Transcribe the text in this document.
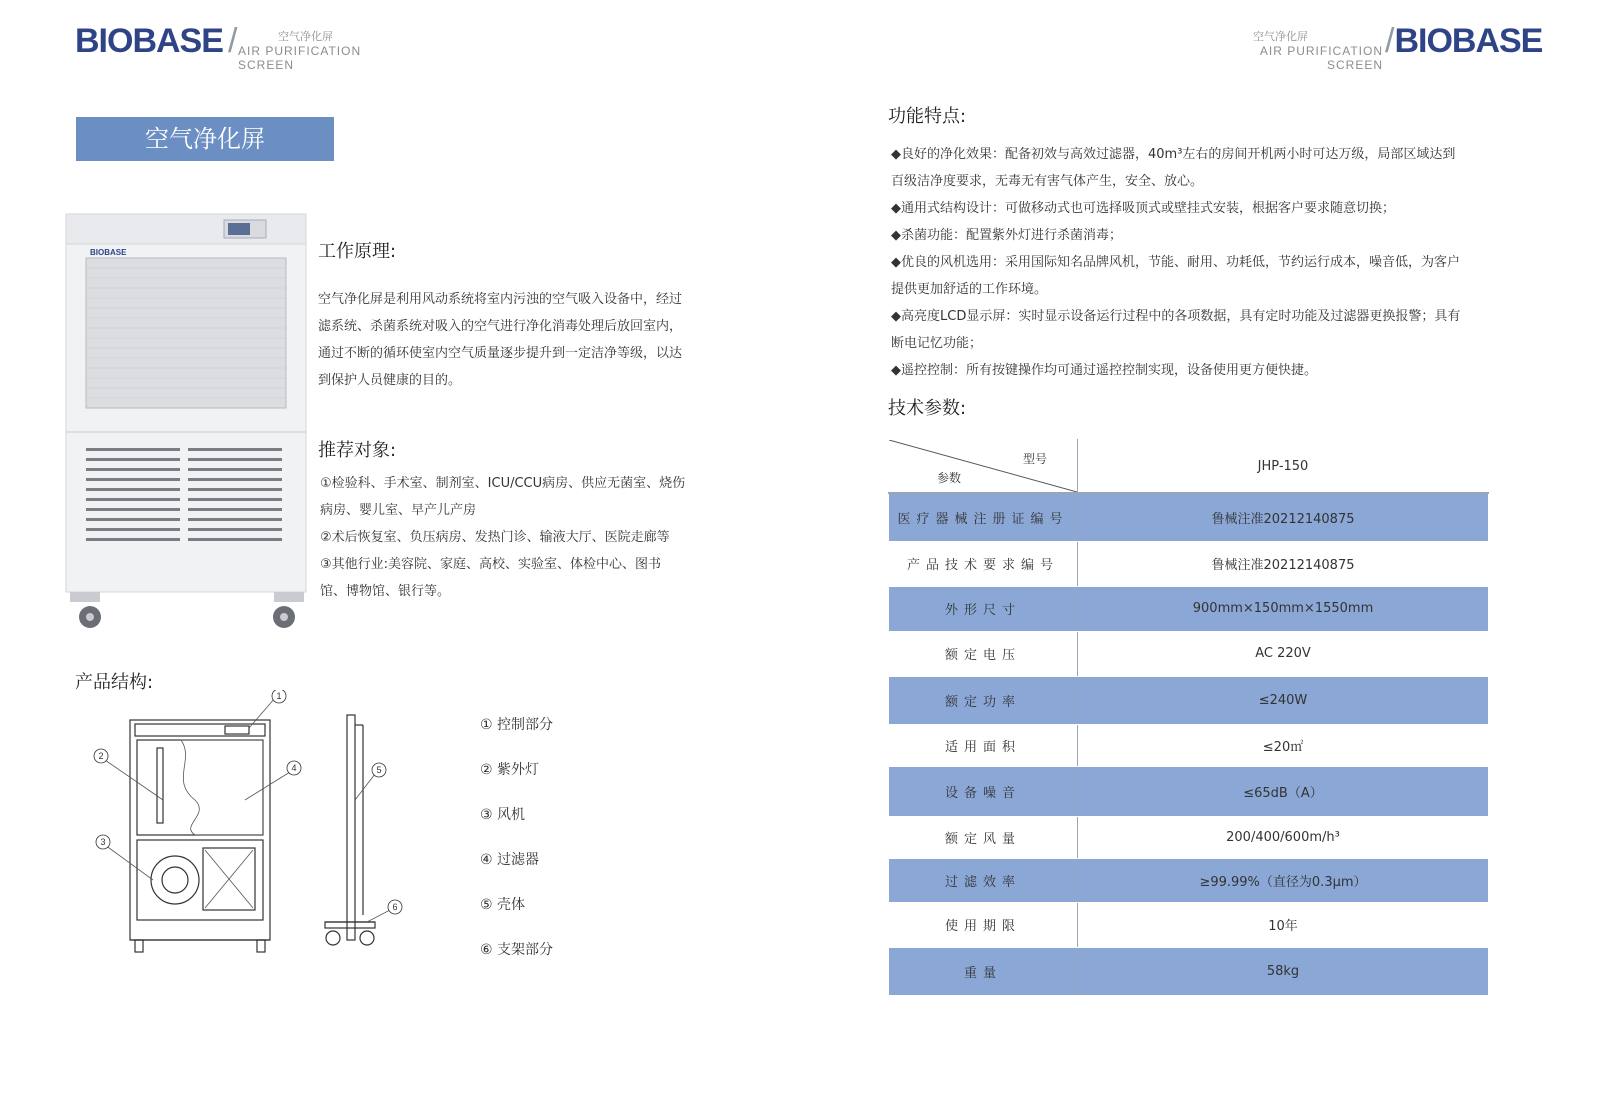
BIOBASE /	空气净化屏
AIR PURIFICATION SCREEN
空气净化屏
AIR PURIFICATION SCREEN
/BIOBASE
空气净化屏
BIOBASE	工作原理:

空气净化屏是利用风动系统将室内污浊的空气吸入设备中，经过

滤系统、杀菌系统对吸入的空气进行净化消毒处理后放回室内，

通过不断的循环使室内空气质量逐步提升到一定洁净等级，以达

到保护人员健康的目的。

推荐对象:

①检验科、手术室、制剂室、ICU/CCU病房、供应无菌室、烧伤

病房、婴儿室、早产儿产房

②术后恢复室、负压病房、发热门诊、输液大厅、医院走廊等

③其他行业:美容院、家庭、高校、实验室、体检中心、图书

馆、博物馆、银行等。

产品结构:
1
2
3
4	5
6
① 控制部分
② 紫外灯
③ 风机
④ 过滤器
⑤ 壳体
⑥ 支架部分
功能特点:

◆良好的净化效果：配备初效与高效过滤器，40m³左右的房间开机两小时可达万级，局部区域达到

百级洁净度要求，无毒无有害气体产生，安全、放心。

◆通用式结构设计：可做移动式也可选择吸顶式或壁挂式安装，根据客户要求随意切换；

◆杀菌功能：配置紫外灯进行杀菌消毒；

◆优良的风机选用：采用国际知名品牌风机，节能、耐用、功耗低，节约运行成本，噪音低，为客户

提供更加舒适的工作环境。

◆高亮度LCD显示屏：实时显示设备运行过程中的各项数据，具有定时功能及过滤器更换报警；具有

断电记忆功能；

◆遥控控制：所有按键操作均可通过遥控控制实现，设备使用更方便快捷。

技术参数:
型号
参数	JHP-150
医疗器械注册证编号	鲁械注准20212140875
产品技术要求编号	鲁械注准20212140875
外形尺寸	900mm×150mm×1550mm
额定电压	AC 220V
额定功率	≤240W
适用面积	≤20㎡
设备噪音	≤65dB（A）
额定风量	200/400/600m/h³
过滤效率	≥99.99%（直径为0.3μm）
使用期限	10年
重量	58kg
